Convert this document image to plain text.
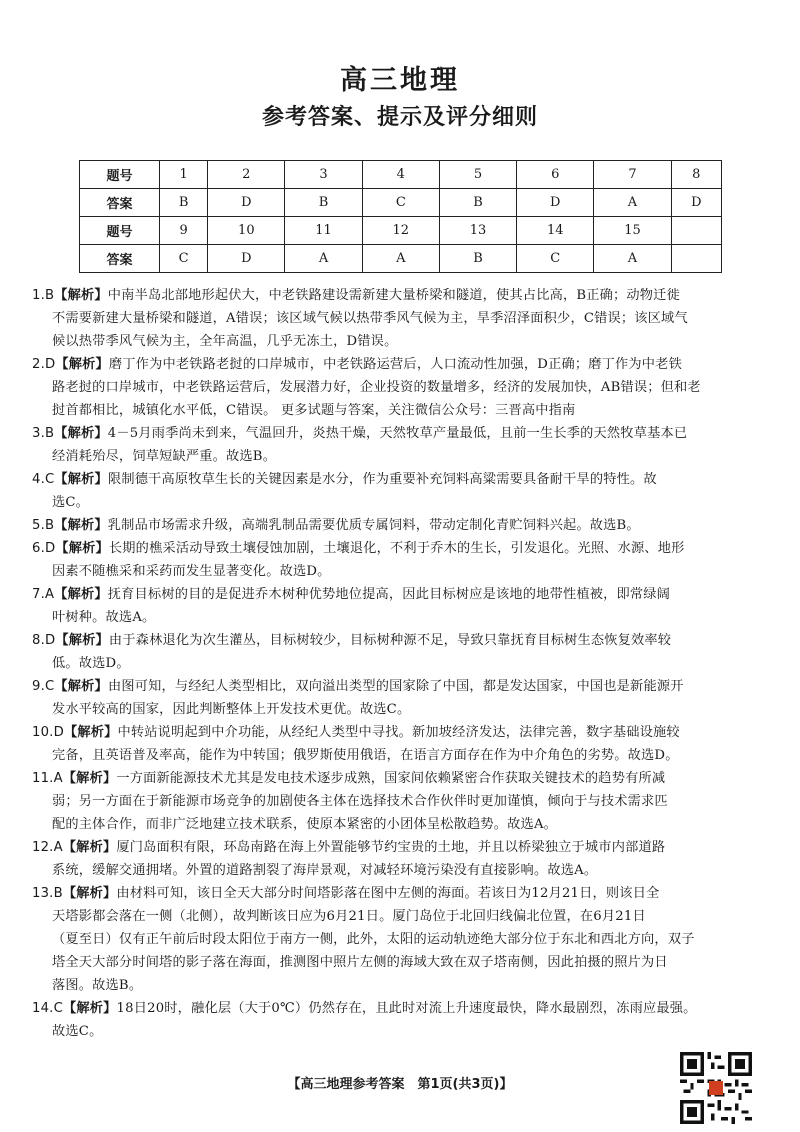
高三地理
参考答案、提示及评分细则
题号	1	2	3	4	5	6	7	8
答案	B	D	B	C	B	D	A	D
题号	9	10	11	12	13	14	15	
答案	C	D	A	A	B	C	A	
1.B【解析】中南半岛北部地形起伏大，中老铁路建设需新建大量桥梁和隧道，使其占比高，B正确；动物迁徙
不需要新建大量桥梁和隧道，A错误；该区域气候以热带季风气候为主，旱季沼泽面积少，C错误；该区域气
候以热带季风气候为主，全年高温，几乎无冻土，D错误。
2.D【解析】磨丁作为中老铁路老挝的口岸城市，中老铁路运营后，人口流动性加强，D正确；磨丁作为中老铁
路老挝的口岸城市，中老铁路运营后，发展潜力好，企业投资的数量增多，经济的发展加快，AB错误；但和老
挝首都相比，城镇化水平低，C错误。 更多试题与答案，关注微信公众号：三晋高中指南
3.B【解析】4－5月雨季尚未到来，气温回升，炎热干燥，天然牧草产量最低，且前一生长季的天然牧草基本已
经消耗殆尽，饲草短缺严重。故选B。
4.C【解析】限制德干高原牧草生长的关键因素是水分，作为重要补充饲料高粱需要具备耐干旱的特性。故
选C。
5.B【解析】乳制品市场需求升级，高端乳制品需要优质专属饲料，带动定制化青贮饲料兴起。故选B。
6.D【解析】长期的樵采活动导致土壤侵蚀加剧，土壤退化，不利于乔木的生长，引发退化。光照、水源、地形
因素不随樵采和采药而发生显著变化。故选D。
7.A【解析】抚育目标树的目的是促进乔木树种优势地位提高，因此目标树应是该地的地带性植被，即常绿阔
叶树种。故选A。
8.D【解析】由于森林退化为次生灌丛，目标树较少，目标树种源不足，导致只靠抚育目标树生态恢复效率较
低。故选D。
9.C【解析】由图可知，与经纪人类型相比，双向溢出类型的国家除了中国，都是发达国家，中国也是新能源开
发水平较高的国家，因此判断整体上开发技术更优。故选C。
10.D【解析】中转站说明起到中介功能，从经纪人类型中寻找。新加坡经济发达，法律完善，数字基础设施较
完备，且英语普及率高，能作为中转国；俄罗斯使用俄语，在语言方面存在作为中介角色的劣势。故选D。
11.A【解析】一方面新能源技术尤其是发电技术逐步成熟，国家间依赖紧密合作获取关键技术的趋势有所减
弱；另一方面在于新能源市场竞争的加剧使各主体在选择技术合作伙伴时更加谨慎，倾向于与技术需求匹
配的主体合作，而非广泛地建立技术联系，使原本紧密的小团体呈松散趋势。故选A。
12.A【解析】厦门岛面积有限，环岛南路在海上外置能够节约宝贵的土地，并且以桥梁独立于城市内部道路
系统，缓解交通拥堵。外置的道路割裂了海岸景观，对减轻环境污染没有直接影响。故选A。
13.B【解析】由材料可知，该日全天大部分时间塔影落在图中左侧的海面。若该日为12月21日，则该日全
天塔影都会落在一侧（北侧），故判断该日应为6月21日。厦门岛位于北回归线偏北位置，在6月21日
（夏至日）仅有正午前后时段太阳位于南方一侧，此外，太阳的运动轨迹绝大部分位于东北和西北方向，双子
塔全天大部分时间塔的影子落在海面，推测图中照片左侧的海域大致在双子塔南侧，因此拍摄的照片为日
落图。故选B。
14.C【解析】18日20时，融化层（大于0℃）仍然存在，且此时对流上升速度最快，降水最剧烈，冻雨应最强。
故选C。
【高三地理参考答案　第1页(共3页)】
